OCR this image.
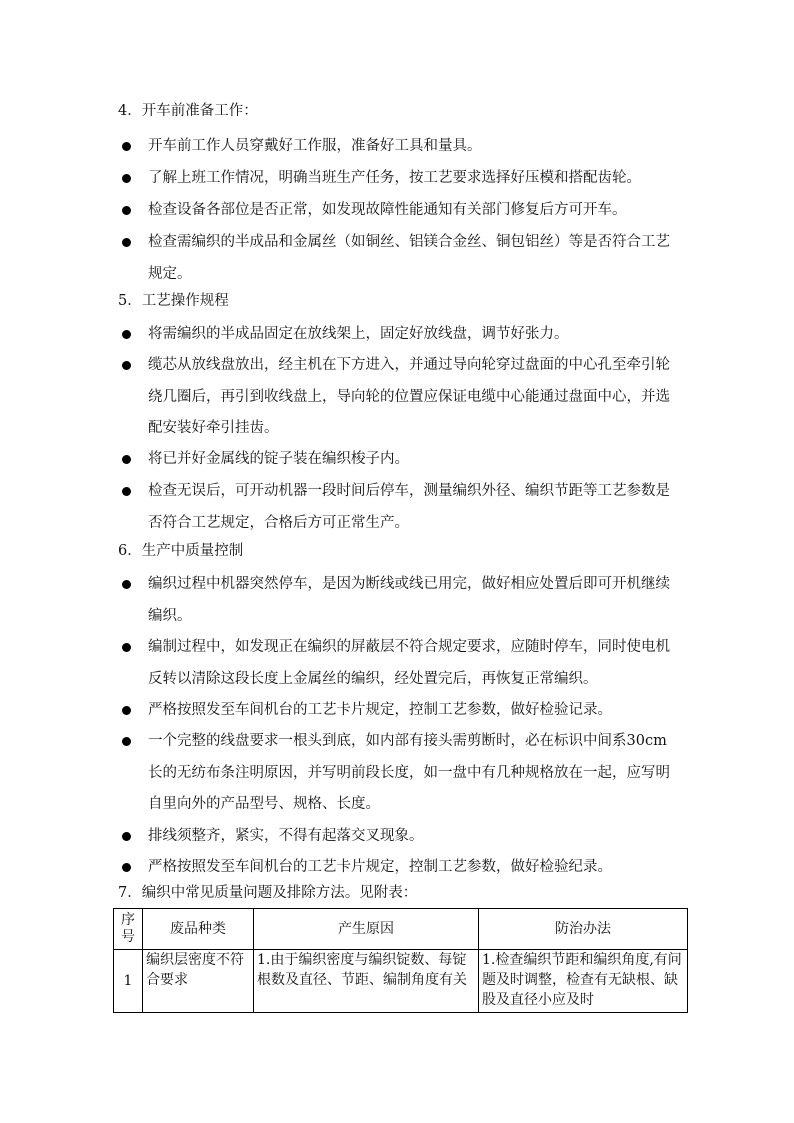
4．开车前准备工作：
开车前工作人员穿戴好工作服，准备好工具和量具。
了解上班工作情况，明确当班生产任务，按工艺要求选择好压模和搭配齿轮。
检查设备各部位是否正常，如发现故障性能通知有关部门修复后方可开车。
检查需编织的半成品和金属丝（如铜丝、铝镁合金丝、铜包铝丝）等是否符合工艺规定。
5．工艺操作规程
将需编织的半成品固定在放线架上，固定好放线盘，调节好张力。
缆芯从放线盘放出，经主机在下方进入，并通过导向轮穿过盘面的中心孔至牵引轮绕几圈后，再引到收线盘上，导向轮的位置应保证电缆中心能通过盘面中心，并选配安装好牵引挂齿。
将已并好金属线的锭子装在编织梭子内。
检查无误后，可开动机器一段时间后停车，测量编织外径、编织节距等工艺参数是否符合工艺规定，合格后方可正常生产。
6．生产中质量控制
编织过程中机器突然停车，是因为断线或线已用完，做好相应处置后即可开机继续编织。
编制过程中，如发现正在编织的屏蔽层不符合规定要求，应随时停车，同时使电机反转以清除这段长度上金属丝的编织，经处置完后，再恢复正常编织。
严格按照发至车间机台的工艺卡片规定，控制工艺参数，做好检验记录。
一个完整的线盘要求一根头到底，如内部有接头需剪断时，必在标识中间系30cm长的无纺布条注明原因，并写明前段长度，如一盘中有几种规格放在一起，应写明自里向外的产品型号、规格、长度。
排线须整齐，紧实，不得有起落交叉现象。
严格按照发至车间机台的工艺卡片规定，控制工艺参数，做好检验纪录。
7．编织中常见质量问题及排除方法。见附表：
序号	废品种类	产生原因	防治办法
1	编织层密度不符合要求	1.由于编织密度与编织锭数、每锭根数及直径、节距、编制角度有关	1.检查编织节距和编织角度,有问题及时调整，检查有无缺根、缺股及直径小应及时
